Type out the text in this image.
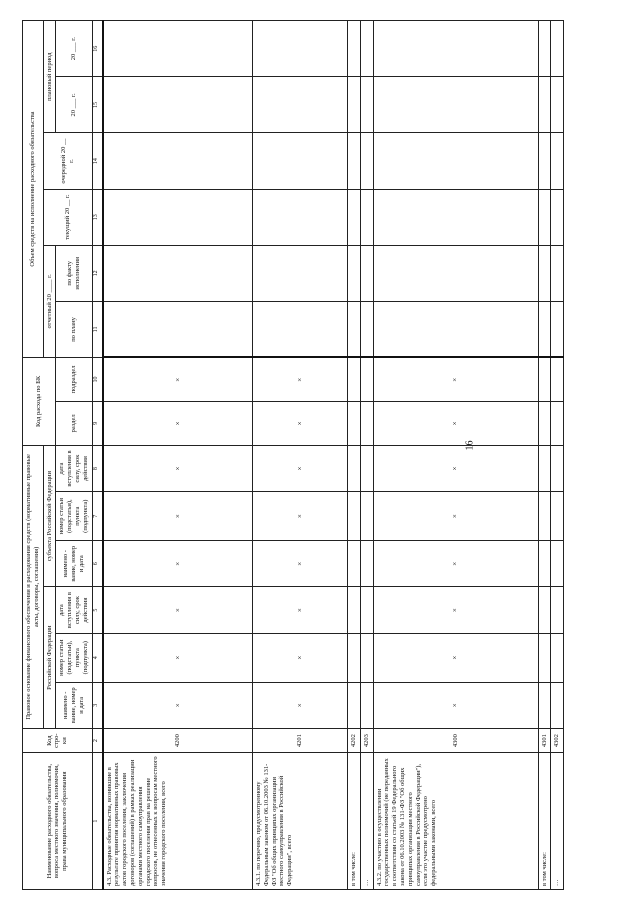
16
Наименование расходного обязательства, вопроса местного значения, полномочия, права муниципального образования	Код стро-ки	Правовое основание финансового обеспечения и расходования средств (нормативные правовые акты, договоры, соглашения)						Код расхода по БК		Объем средств на исполнение расходного обязательства					
		Российской Федерации			субъекта Российской Федерации					отчетный 20 ____ г.		текущий 20 __ г.	очередной 20 __ г.	плановый период	
		наимено - вание, номер и дата	номер статьи (подстатьи), пункта (подпункта)	дата вступления в силу, срок действия	наимено - вание, номер и дата	номер статьи (подстатьи), пункта (подпункта)	дата вступления в силу, срок действия	раздел	подраздел	по плану	по факту исполнения			20 ___ г.	20 ___ г.
1	2	3	4	5	6	7	8	9	10	11	12	13	14	15	16
4.3. Расходные обязательства, возникшие в результате принятия нормативных правовых актов городского поселения, заключения договоров (соглашений) в рамках реализации органами местного самоуправления городского поселения прав на решение вопросов, не отнесенных к вопросам местного значения городского поселения, всего	4200	×	×	×	×	×	×	×	×						
4.3.1. по перечню, предусмотренному Федеральным законом от 06.10.2003 № 131-ФЗ "Об общих принципах организации местного самоуправления в Российской Федерации", всего	4201	×	×	×	×	×	×	×	×						
в том числе:	4202														
…	4203														
4.3.2. по участию в осуществлении государственных полномочий (не переданных в соответствии со статьей 19 Федерального закона от 06.10.2003 № 131-ФЗ "Об общих принципах организации местного самоуправления в Российской Федерации"), если это участие предусмотрено федеральными законами, всего	4300	×	×	×	×	×	×	×	×						
в том числе:	4301														
…	4302														
